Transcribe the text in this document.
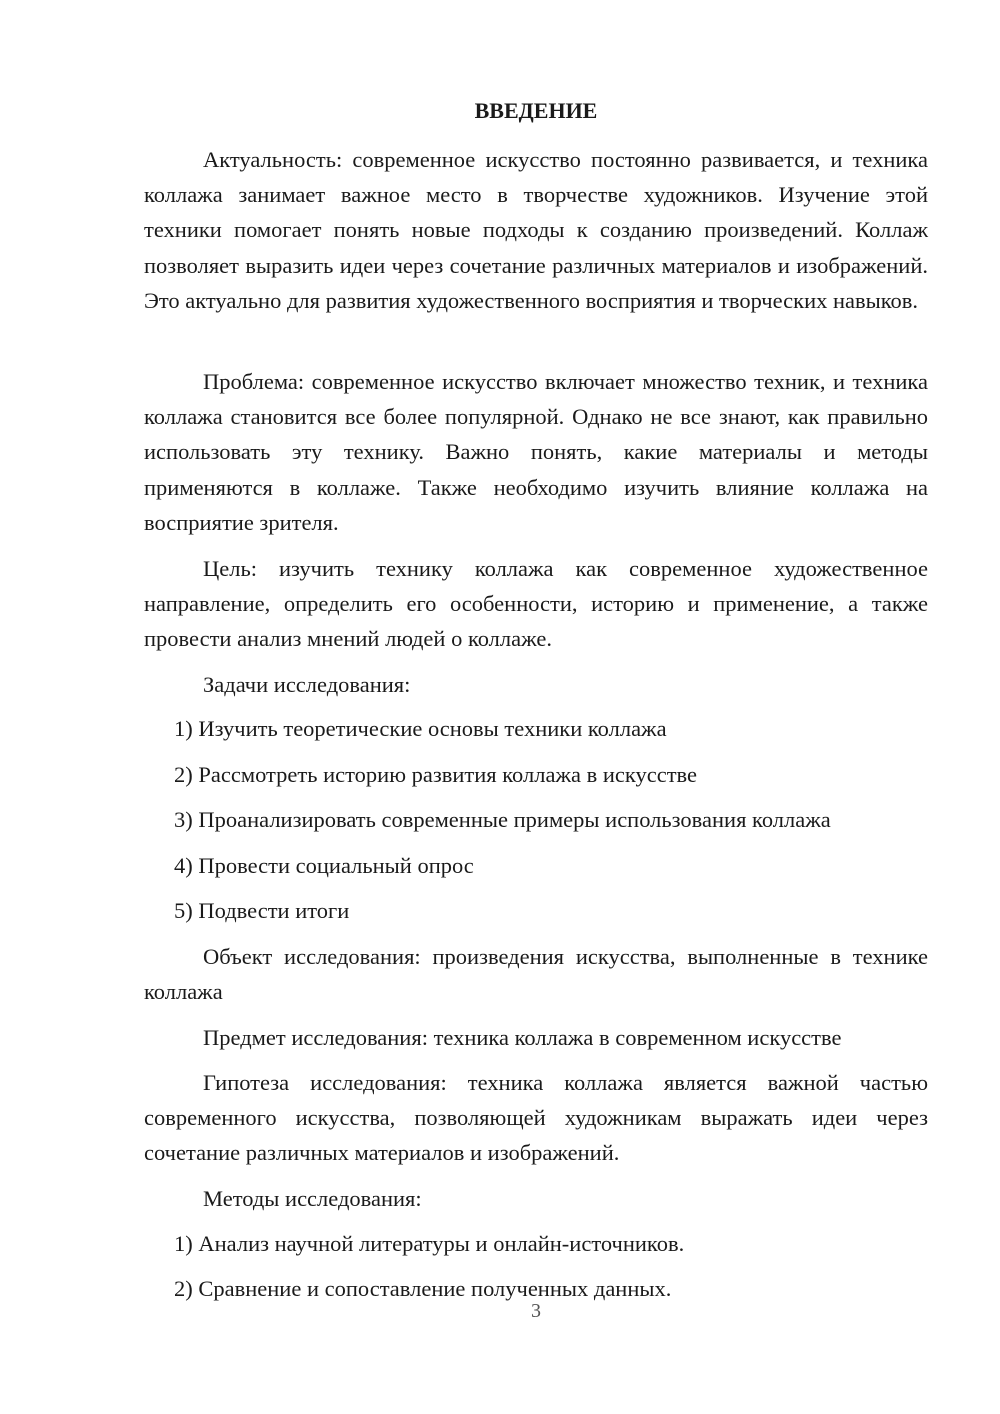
ВВЕДЕНИЕ

Актуальность: современное искусство постоянно развивается, и техника коллажа занимает важное место в творчестве художников. Изучение этой техники помогает понять новые подходы к созданию произведений. Коллаж позволяет выразить идеи через сочетание различных материалов и изображений. Это актуально для развития художественного восприятия и творческих навыков.

Проблема: современное искусство включает множество техник, и техника коллажа становится все более популярной. Однако не все знают, как правильно использовать эту технику. Важно понять, какие материалы и методы применяются в коллаже. Также необходимо изучить влияние коллажа на восприятие зрителя.

Цель: изучить технику коллажа как современное художественное направление, определить его особенности, историю и применение, а также провести анализ мнений людей о коллаже.

Задачи исследования:

1) Изучить теоретические основы техники коллажа

2) Рассмотреть историю развития коллажа в искусстве

3) Проанализировать современные примеры использования коллажа

4) Провести социальный опрос

5) Подвести итоги

Объект исследования: произведения искусства, выполненные в технике коллажа

Предмет исследования: техника коллажа в современном искусстве

Гипотеза исследования: техника коллажа является важной частью современного искусства, позволяющей художникам выражать идеи через сочетание различных материалов и изображений.

Методы исследования:

1) Анализ научной литературы и онлайн-источников.

2) Сравнение и сопоставление полученных данных.

3
